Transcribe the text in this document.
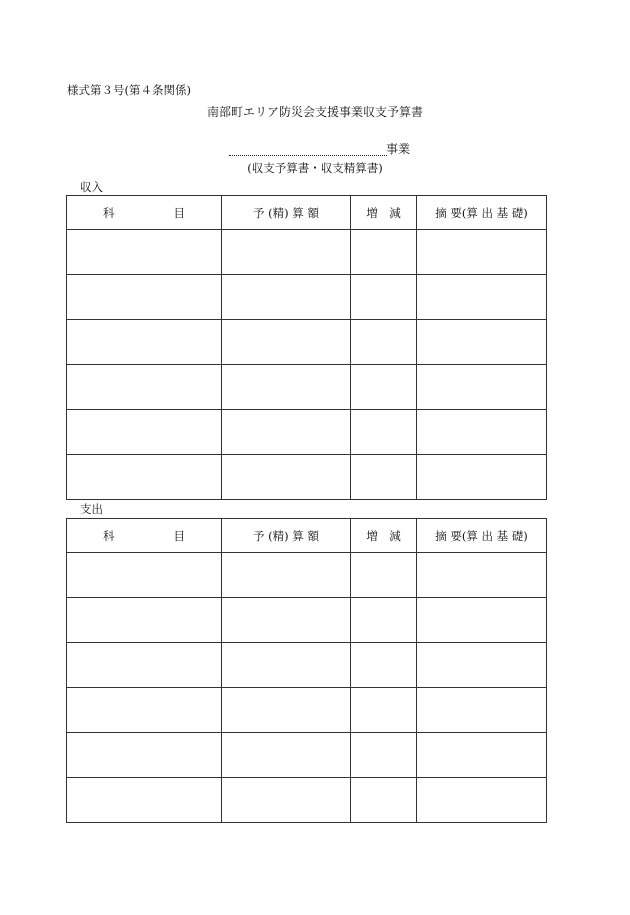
様式第３号(第４条関係)
南部町エリア防災会支援事業収支予算書
事業
(収支予算書・収支精算書)
収入
科 目	予 (精) 算 額	増　減	摘 要(算 出 基 礎)

支出
科 目	予 (精) 算 額	増　減	摘 要(算 出 基 礎)
